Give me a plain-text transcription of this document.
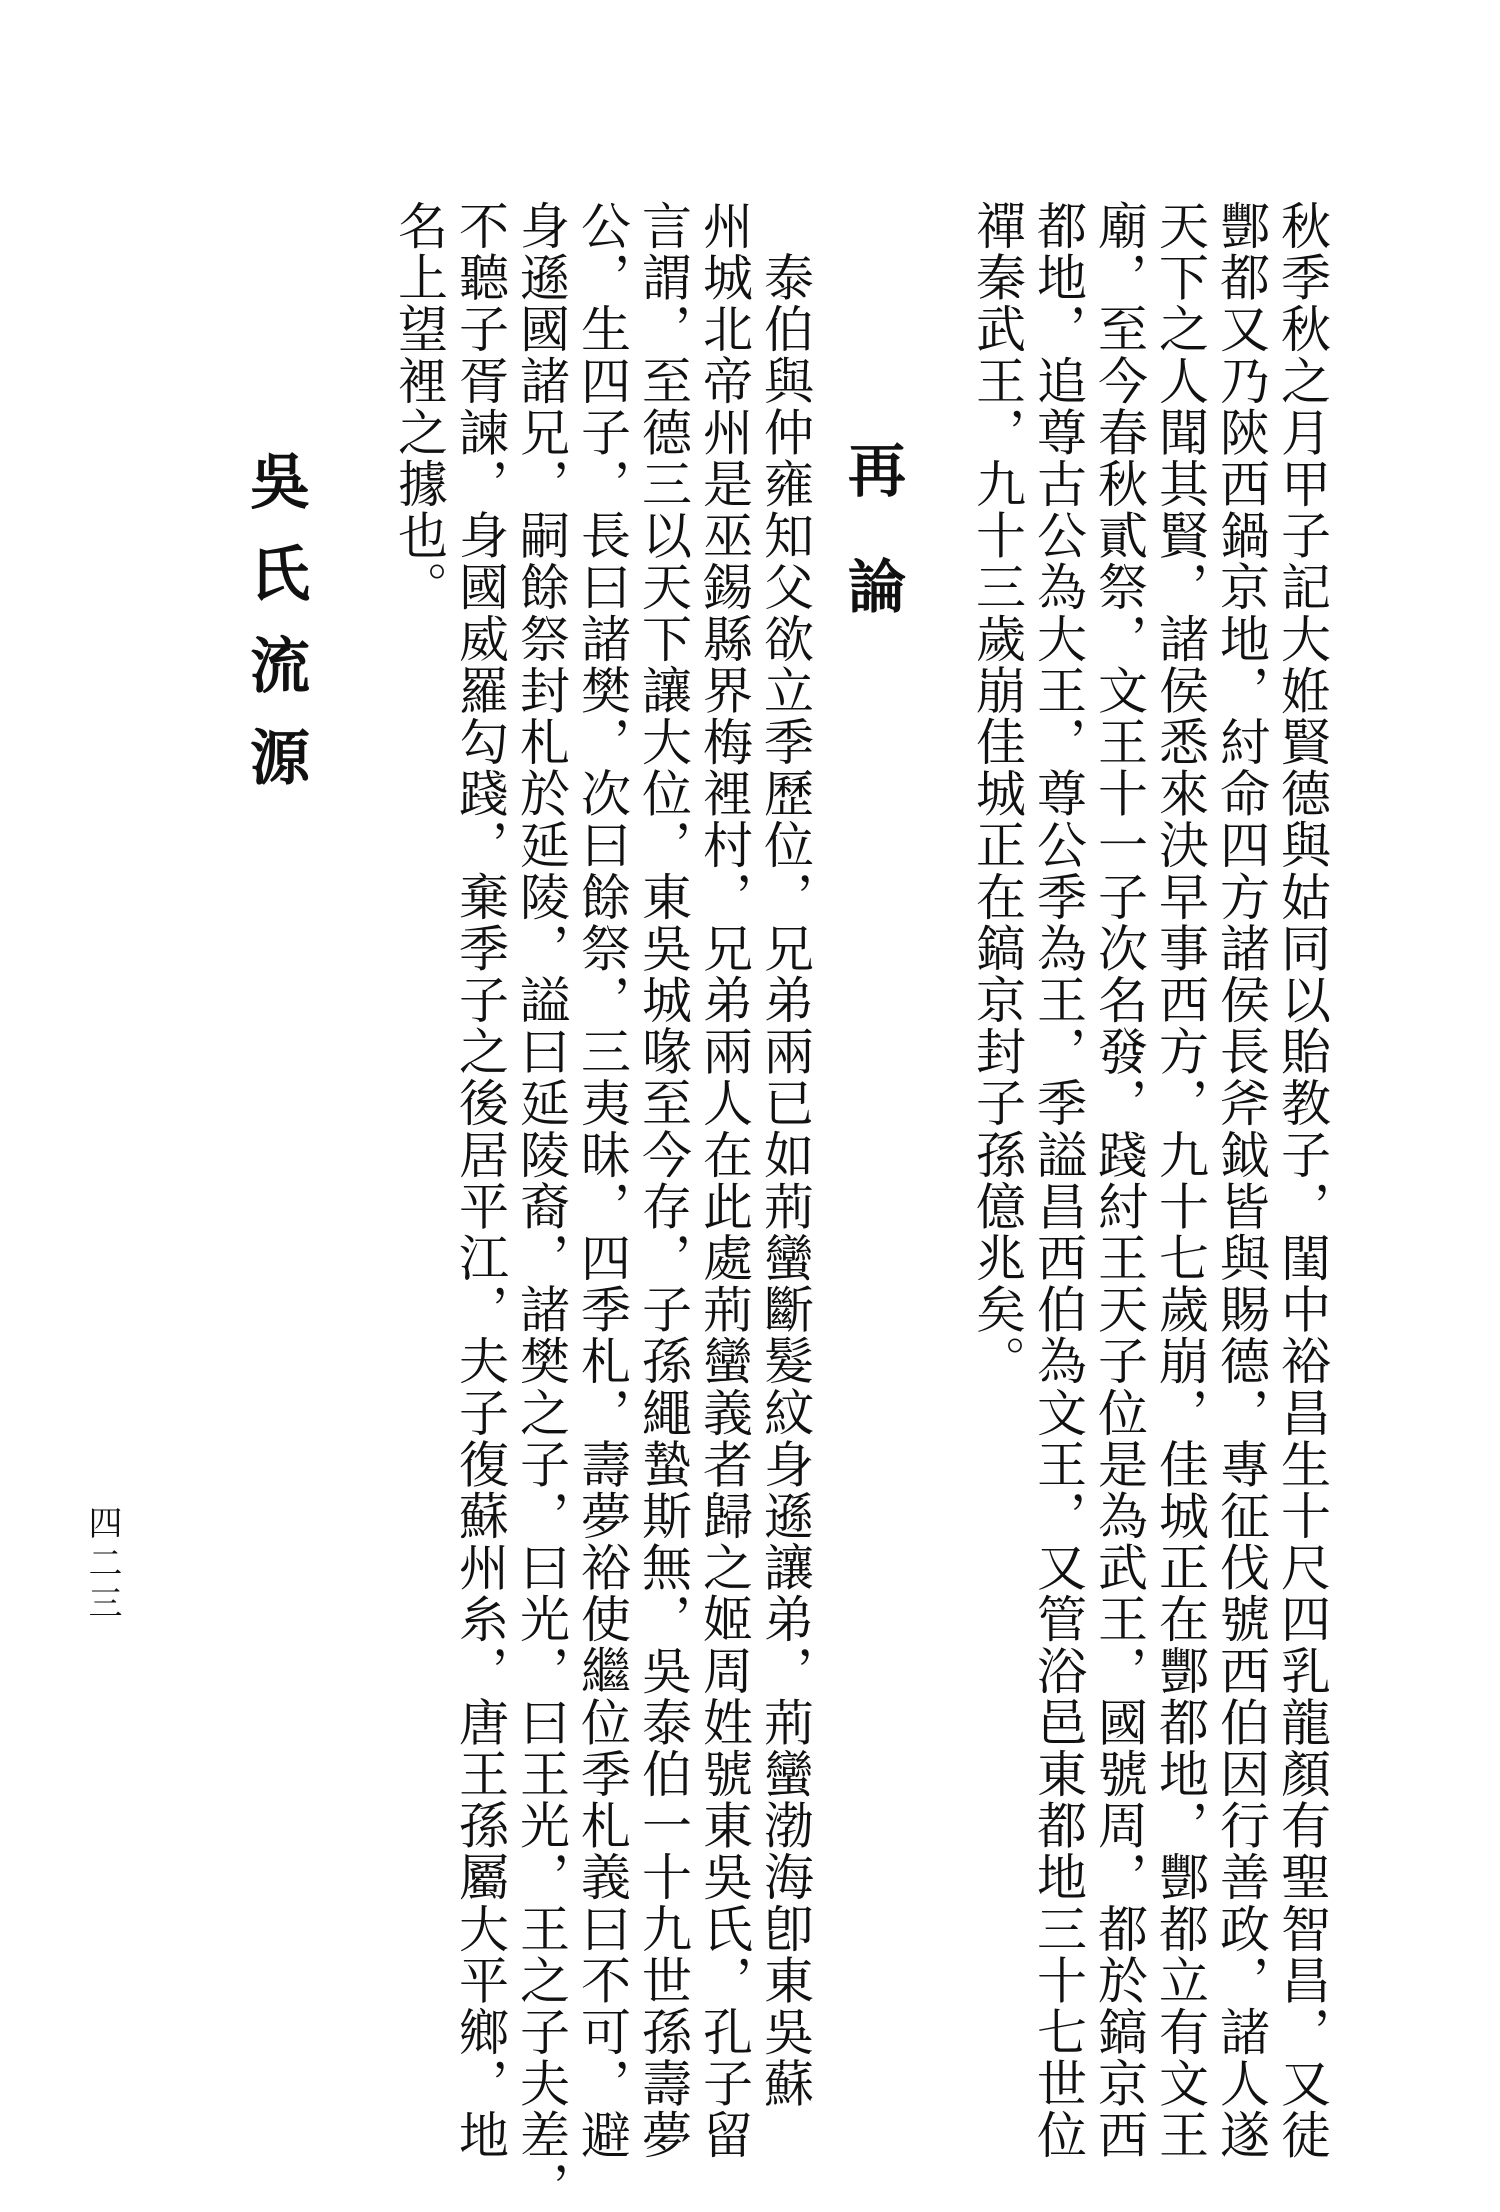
秋季秋之月甲子記大姙賢德與姑同以貽教子，閨中裕昌生十尺四乳龍顏有聖智昌，又徒
酆都又乃陝西鍋京地，紂命四方諸侯長斧鉞皆與賜德，專征伐號西伯因行善政，諸人遂
天下之人聞其賢，諸侯悉來決早事西方，九十七歲崩，佳城正在酆都地，酆都立有文王
廟，至今春秋貳祭，文王十一子次名發，踐紂王天子位是為武王，國號周，都於鎬京西
都地，追尊古公為大王，尊公季為王，季謚昌西伯為文王，又管浴邑東都地三十七世位
禪秦武王，九十三歲崩佳城正在鎬京封子孫億兆矣。
再　論
　泰伯與仲雍知父欲立季歷位，兄弟兩已如荊蠻斷髮紋身遜讓弟，荊蠻渤海卽東吳蘇
州城北帝州是巫錫縣界梅裡村，兄弟兩人在此處荊蠻義者歸之姬周姓號東吳氏，孔子留
言謂，至德三以天下讓大位，東吳城喙至今存，子孫繩蟄斯無，吳泰伯一十九世孫壽夢
公，生四子，長曰諸樊，次曰餘祭，三夷昧，四季札，壽夢裕使繼位季札義曰不可，避
身遜國諸兄，嗣餘祭封札於延陵，謚曰延陵裔，諸樊之子，曰光，曰王光，王之子夫差，
不聽子胥諫，身國威羅勾踐，棄季子之後居平江，夫子復蘇州糸，唐王孫屬大平鄉，地
名上望裡之據也。
吳氏流源
四二三
